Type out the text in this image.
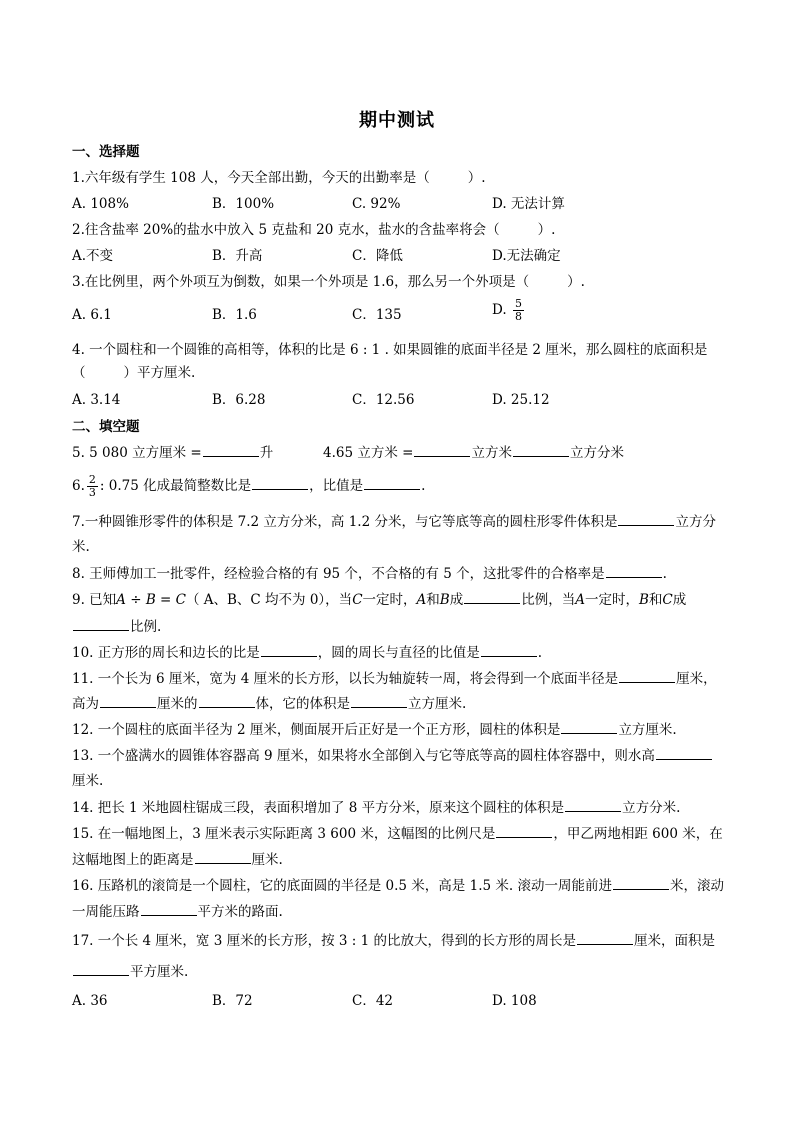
期中测试
一、选择题
1.六年级有学生 108 人，今天全部出勤，今天的出勤率是（	）.
A. 108%	B．100%	C. 92%	D. 无法计算
2.往含盐率 20%的盐水中放入 5 克盐和 20 克水，盐水的含盐率将会（	）.
A.不变	B．升高	C．降低	D.无法确定
3.在比例里，两个外项互为倒数，如果一个外项是 1.6，那么另一个外项是（	）.
A. 6.1	B．1.6	C．135	D. $\frac{5}{8}$
4. 一个圆柱和一个圆锥的高相等，体积的比是 6 : 1 . 如果圆锥的底面半径是 2 厘米，那么圆柱的底面积是
（	）平方厘米.
A. 3.14	B．6.28	C．12.56	D. 25.12
二、填空题
5. 5 080 立方厘米 =	升	4.65 立方米 =	立方米	立方分米
6. $\frac{2}{3}$ : 0.75 化成最简整数比是	，比值是	.
7.一种圆锥形零件的体积是 7.2 立方分米，高 1.2 分米，与它等底等高的圆柱形零件体积是	立方分
米.
8. 王师傅加工一批零件，经检验合格的有 95 个，不合格的有 5 个，这批零件的合格率是	.
9. 已知A ÷ B = C（ A、B、C 均不为 0），当C一定时，A和B成	比例，当A一定时，B和C成
比例.
10. 正方形的周长和边长的比是	，圆的周长与直径的比值是	.
11. 一个长为 6 厘米，宽为 4 厘米的长方形，以长为轴旋转一周，将会得到一个底面半径是	厘米，
高为	厘米的	体，它的体积是	立方厘米.
12. 一个圆柱的底面半径为 2 厘米，侧面展开后正好是一个正方形，圆柱的体积是	立方厘米.
13. 一个盛满水的圆锥体容器高 9 厘米，如果将水全部倒入与它等底等高的圆柱体容器中，则水高
厘米.
14. 把长 1 米地圆柱锯成三段，表面积增加了 8 平方分米，原来这个圆柱的体积是	立方分米.
15. 在一幅地图上，3 厘米表示实际距离 3 600 米，这幅图的比例尺是	，甲乙两地相距 600 米，在
这幅地图上的距离是	厘米.
16. 压路机的滚筒是一个圆柱，它的底面圆的半径是 0.5 米，高是 1.5 米. 滚动一周能前进	米，滚动
一周能压路	平方米的路面.
17. 一个长 4 厘米，宽 3 厘米的长方形，按 3 : 1 的比放大，得到的长方形的周长是	厘米，面积是
平方厘米.
A. 36	B．72	C．42	D. 108
